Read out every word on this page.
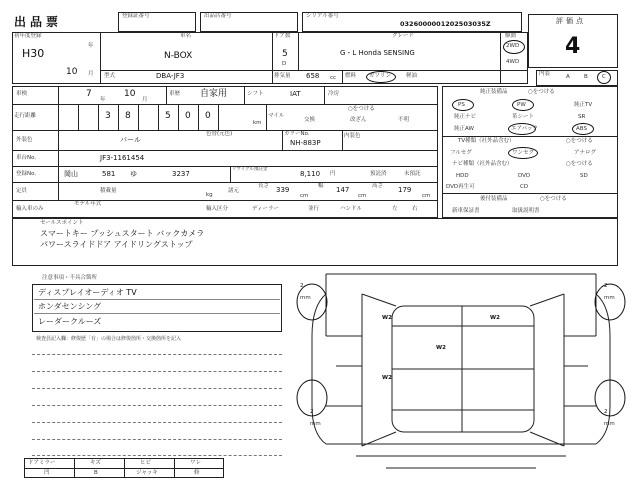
出品票	登録証番号	出品店番号	シリアル番号
0326000001202503035Z	評価点
4
初年度登録
H30
年
10 月
車名
N-BOX
ドア数
5
D
グレード
G・L Honda SENSING
駆動
2WD
4WD
型式	DBA-JF3	排気量 658 cc 燃料 ガソリン	軽油	内装	A	B	C
車検	7
年
10
月
車歴 自家用	シフト	IAT	冷房
走行距離	3 8	5 0 0
km
マイル
○をつける
交換	改ざん	不明
外装色	パール
色替(元色)	カラーNo.
NH-883P
内装色
車台No.	JF3-1161454
登録No.	岡山	581 ゆ	3237
リサイクル預託金
8,110 円	預託済	未預託
定員	積載量
kg
諸元
長さ 339
cm
幅 147
cm
高さ 179
cm
輸入車のみ
モデル年式
輸入区分	ディーラー	並行	ハンドル	左	右
純正装備品	○をつける
PS	PW	純正TV
純正ナビ	革シート	SR
純正AW	エアバック	ABS
TV種類（社外品含む）	○をつける
フルセグ	ワンセグ	アナログ
ナビ種類（社外品含む）	○をつける
HDD	DVD	SD
DVD再生可	CD
後付装備品	○をつける
新車保証書	取扱説明書
セールスポイント
スマートキー プッシュスタート バックカメラ
パワースライドドア アイドリングストップ
注意事項・不具合箇所
ディスプレイオーディオ TV
ホンダセンシング
レーダークルーズ
検査員記入欄：修復歴「有」の場合は修復箇所・交換箇所を記入
2
mm
2
mm
2
mm
2
mm
W2
W2
W2
W2
ドアミラー	キズ	ヒビ	ワレ
凹	B	ジャッキ	修
